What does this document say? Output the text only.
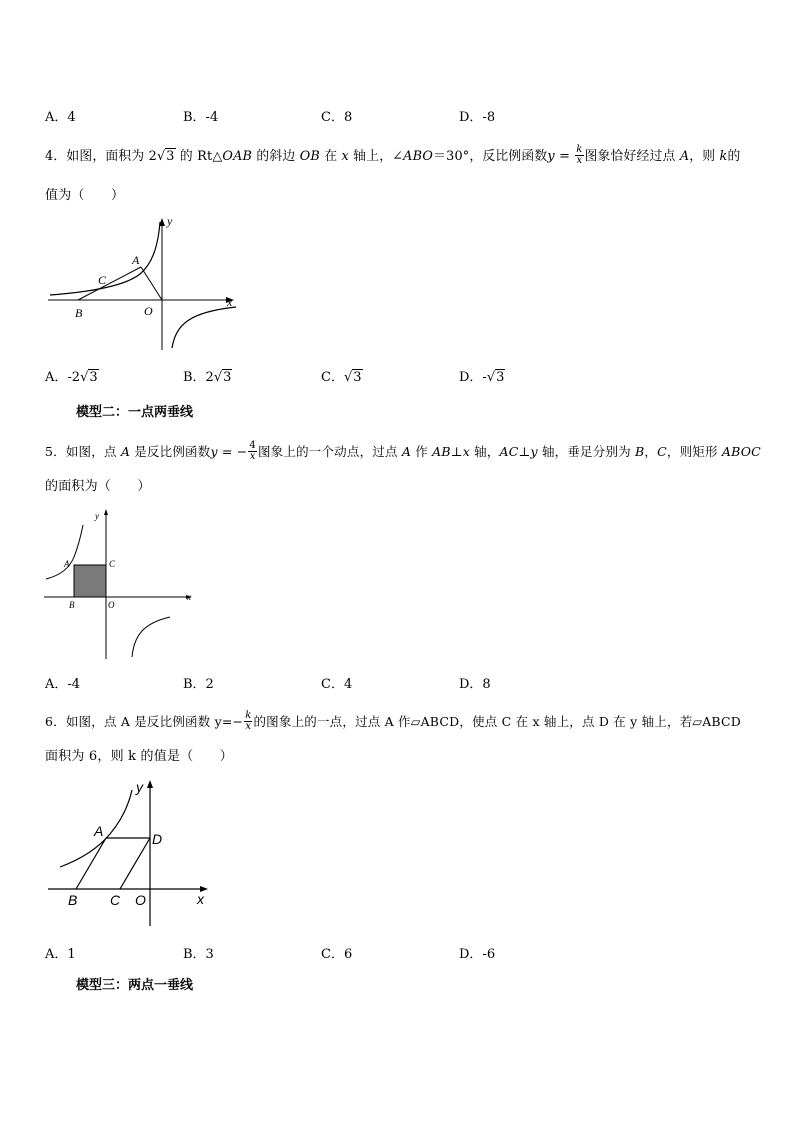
A．4	B．-4	C．8	D．-8
4．如图，面积为 2√3 的 Rt△OAB 的斜边 OB 在 x 轴上，∠ABO＝30°，反比例函数$y = \frac{k}{x}$ 图象恰好经过点 A，则 k的
值为（　　）
y
x
A
C
B	O
A．-2√3	B．2√3	C．√3	D．-√3
模型二：一点两垂线
5．如图，点 A 是反比例函数y = − $\frac{4}{x}$ 图象上的一个动点，过点 A 作 AB⊥x 轴，AC⊥y 轴，垂足分别为 B，C，则矩形 ABOC
的面积为（　　）
y
x
A	C
B	O
A．-4	B．2	C．4	D．8
6．如图，点 A 是反比例函数 $y=- \frac{k}{x}$ 的图象上的一点，过点 A 作▱ABCD，使点 C 在 x 轴上，点 D 在 y 轴上，若▱ABCD
面积为 6，则 k 的值是（　　）
y
x
A	D
B C O
A．1	B．3	C．6	D．-6
模型三：两点一垂线
